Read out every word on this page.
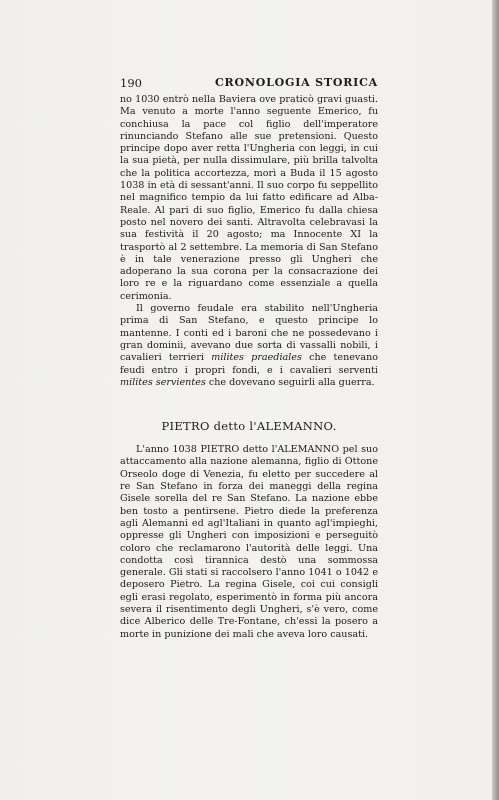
190	CRONOLOGIA STORICA

no 1030 entrò nella Baviera ove praticò gravi guasti. Ma venuto a morte l'anno seguente Emerico, fu conchiusa la pace col figlio dell'imperatore rinunciando Stefano alle sue pretensioni. Questo principe dopo aver retta l'Ungheria con leggi, in cui la sua pietà, per nulla dissimulare, più brilla talvolta che la politica accortezza, morì a Buda il 15 agosto 1038 in età di sessant'anni. Il suo corpo fu seppellito nel magnifico tempio da lui fatto edificare ad Alba-Reale. Al pari di suo figlio, Emerico fu dalla chiesa posto nel novero dei santi. Altravolta celebravasi la sua festività il 20 agosto; ma Innocente XI la trasportò al 2 settembre. La memoria di San Stefano è in tale venerazione presso gli Ungheri che adoperano la sua corona per la consacrazione dei loro re e la riguardano come essenziale a quella cerimonia.

Il governo feudale era stabilito nell'Ungheria prima di San Stefano, e questo principe lo mantenne. I conti ed i baroni che ne possedevano i gran dominii, avevano due sorta di vassalli nobili, i cavalieri terrieri milites praediales che tenevano feudi entro i propri fondi, e i cavalieri serventi milites servientes che dovevano seguirli alla guerra.

PIETRO detto l'ALEMANNO.

L'anno 1038 PIETRO detto l'ALEMANNO pel suo attaccamento alla nazione alemanna, figlio di Ottone Orseolo doge di Venezia, fu eletto per succedere al re San Stefano in forza dei maneggi della regina Gisele sorella del re San Stefano. La nazione ebbe ben tosto a pentirsene. Pietro diede la preferenza agli Alemanni ed agl'Italiani in quanto agl'impieghi, oppresse gli Ungheri con imposizioni e perseguitò coloro che reclamarono l'autorità delle leggi. Una condotta così tirannica destò una sommossa generale. Gli stati si raccolsero l'anno 1041 o 1042 e deposero Pietro. La regina Gisele, coi cui consigli egli erasi regolato, esperimentò in forma più ancora severa il risentimento degli Ungheri, s'è vero, come dice Alberico delle Tre-Fontane, ch'essi la posero a morte in punizione dei mali che aveva loro causati.
